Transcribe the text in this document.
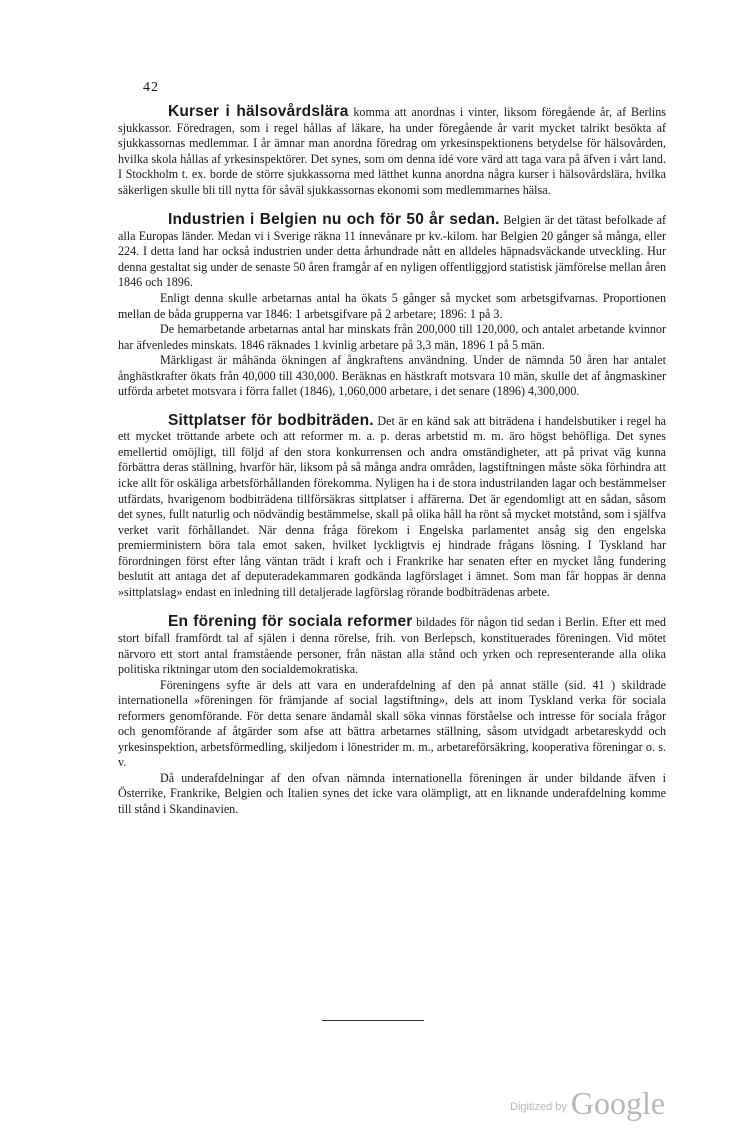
42

Kurser i hälsovårdslära komma att anordnas i vinter, liksom föregående år, af Berlins sjukkassor. Föredragen, som i regel hållas af läkare, ha under föregående år varit mycket talrikt besökta af sjukkassornas medlemmar. I år ämnar man anordna föredrag om yrkesinspektionens betydelse för hälsovården, hvilka skola hållas af yrkesinspektörer. Det synes, som om denna idé vore värd att taga vara på äfven i vårt land. I Stockholm t. ex. borde de större sjukkassorna med lätthet kunna anordna några kurser i hälsovårdslära, hvilka säkerligen skulle bli till nytta för såväl sjukkassornas ekonomi som medlemmarnes hälsa.

Industrien i Belgien nu och för 50 år sedan. Belgien är det tätast befolkade af alla Europas länder. Medan vi i Sverige räkna 11 innevånare pr kv.-kilom. har Belgien 20 gånger så många, eller 224. I detta land har också industrien under detta århundrade nått en alldeles häpnadsväckande utveckling. Hur denna gestaltat sig under de senaste 50 åren framgår af en nyligen offentliggjord statistisk jämförelse mellan åren 1846 och 1896.

Enligt denna skulle arbetarnas antal ha ökats 5 gånger så mycket som arbetsgifvarnas. Proportionen mellan de båda grupperna var 1846: 1 arbetsgifvare på 2 arbetare; 1896: 1 på 3.

De hemarbetande arbetarnas antal har minskats från 200,000 till 120,000, och antalet arbetande kvinnor har äfvenledes minskats. 1846 räknades 1 kvinlig arbetare på 3,3 män, 1896 1 på 5 män.

Märkligast är måhända ökningen af ångkraftens användning. Under de nämnda 50 åren har antalet ånghästkrafter ökats från 40,000 till 430,000. Beräknas en hästkraft motsvara 10 män, skulle det af ångmaskiner utförda arbetet motsvara i förra fallet (1846), 1,060,000 arbetare, i det senare (1896) 4,300,000.

Sittplatser för bodbiträden. Det är en känd sak att biträdena i handelsbutiker i regel ha ett mycket tröttande arbete och att reformer m. a. p. deras arbetstid m. m. äro högst behöfliga. Det synes emellertid omöjligt, till följd af den stora konkurrensen och andra omständigheter, att på privat väg kunna förbättra deras ställning, hvarför här, liksom på så många andra områden, lagstiftningen måste söka förhindra att icke allt för oskäliga arbetsförhållanden förekomma. Nyligen ha i de stora industrilanden lagar och bestämmelser utfärdats, hvarigenom bodbiträdena tillförsäkras sittplatser i affärerna. Det är egendomligt att en sådan, såsom det synes, fullt naturlig och nödvändig bestämmelse, skall på olika håll ha rönt så mycket motstånd, som i själfva verket varit förhållandet. När denna fråga förekom i Engelska parlamentet ansåg sig den engelska premierministern böra tala emot saken, hvilket lyckligtvis ej hindrade frågans lösning. I Tyskland har förordningen först efter lång väntan trädt i kraft och i Frankrike har senaten efter en mycket lång fundering beslutit att antaga det af deputeradekammaren godkända lagförslaget i ämnet. Som man får hoppas är denna »sittplatslag» endast en inledning till detaljerade lagförslag rörande bodbiträdenas arbete.

En förening för sociala reformer bildades för någon tid sedan i Berlin. Efter ett med stort bifall framfördt tal af själen i denna rörelse, frih. von Berlepsch, konstituerades föreningen. Vid mötet närvoro ett stort antal framstående personer, från nästan alla stånd och yrken och representerande alla olika politiska riktningar utom den socialdemokratiska.

Föreningens syfte är dels att vara en underafdelning af den på annat ställe (sid. 41 ) skildrade internationella »föreningen för främjande af social lagstiftning», dels att inom Tyskland verka för sociala reformers genomförande. För detta senare ändamål skall söka vinnas förståelse och intresse för sociala frågor och genomförande af åtgärder som afse att bättra arbetarnes ställning, såsom utvidgadt arbetareskydd och yrkesinspektion, arbetsförmedling, skiljedom i lönestrider m. m., arbetareförsäkring, kooperativa föreningar o. s. v.

Då underafdelningar af den ofvan nämnda internationella föreningen är under bildande äfven i Österrike, Frankrike, Belgien och Italien synes det icke vara olämpligt, att en liknande underafdelning komme till stånd i Skandinavien.

$^{Digitized by}$ Google
